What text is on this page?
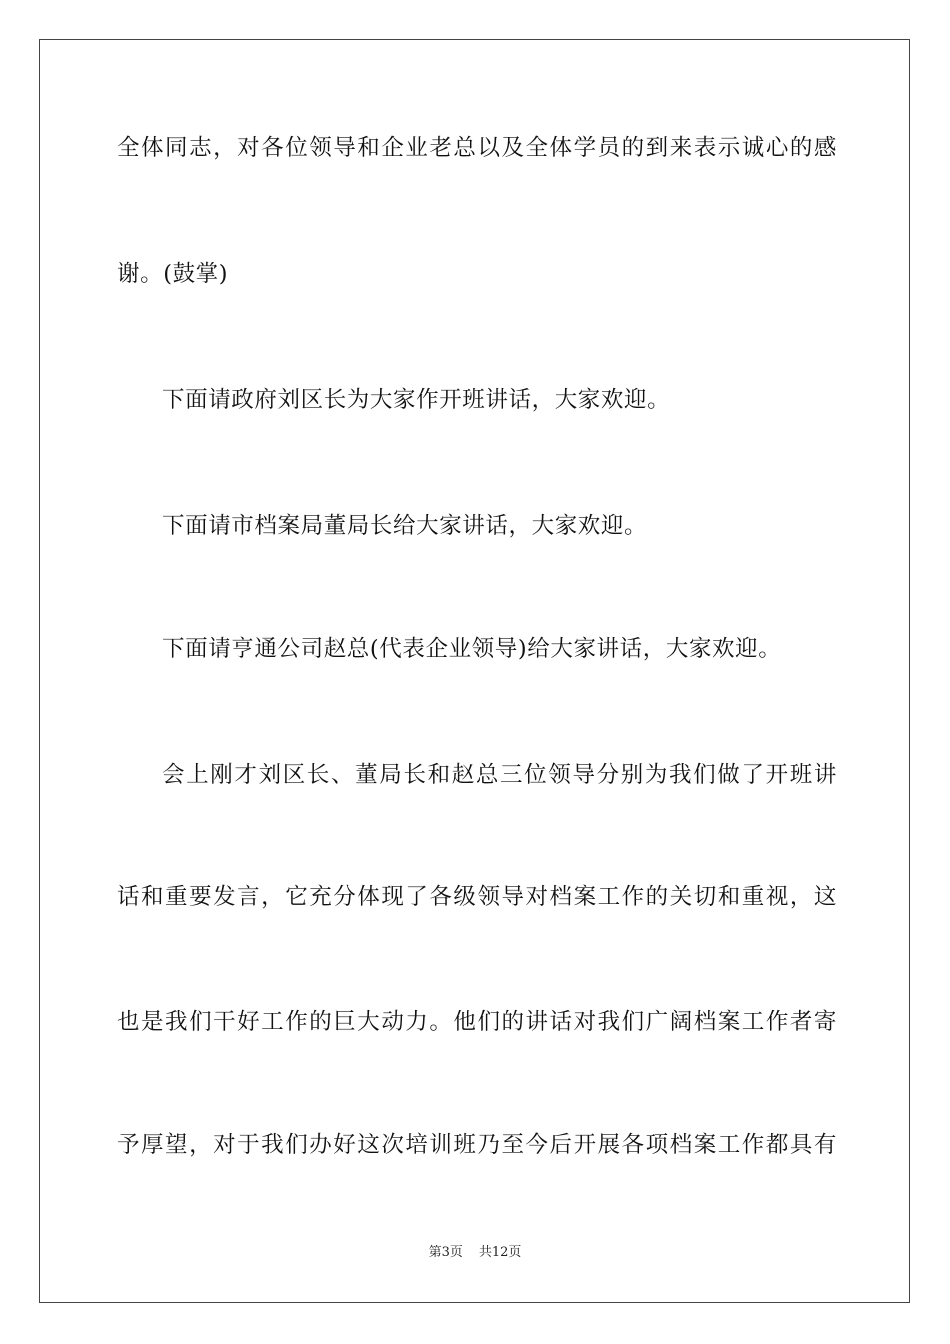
全体同志，对各位领导和企业老总以及全体学员的到来表示诚心的感
谢。(鼓掌)
下面请政府刘区长为大家作开班讲话，大家欢迎。
下面请市档案局董局长给大家讲话，大家欢迎。
下面请亨通公司赵总(代表企业领导)给大家讲话，大家欢迎。
会上刚才刘区长、董局长和赵总三位领导分别为我们做了开班讲
话和重要发言，它充分体现了各级领导对档案工作的关切和重视，这
也是我们干好工作的巨大动力。他们的讲话对我们广阔档案工作者寄
予厚望，对于我们办好这次培训班乃至今后开展各项档案工作都具有
第3页 共12页
